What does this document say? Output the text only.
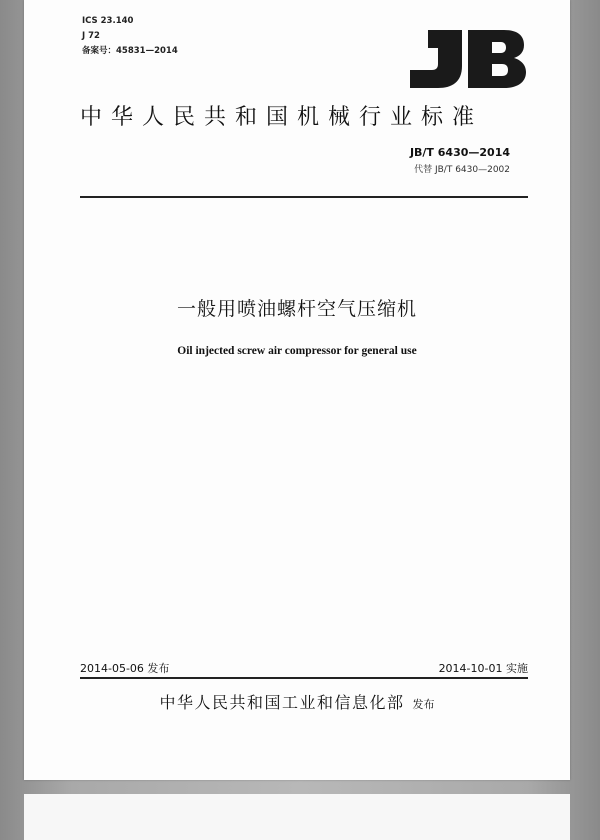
ICS 23.140
J 72
备案号：45831—2014
中华人民共和国机械行业标准
JB/T 6430—2014
代替 JB/T 6430—2002
一般用喷油螺杆空气压缩机
Oil injected screw air compressor for general use
2014-05-06 发布	2014-10-01 实施
中华人民共和国工业和信息化部 发布
